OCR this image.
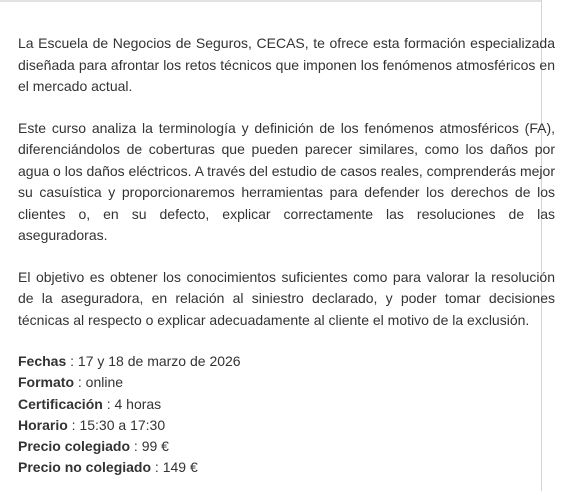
La Escuela de Negocios de Seguros, CECAS, te ofrece esta formación especializada diseñada para afrontar los retos técnicos que imponen los fenómenos atmosféricos en el mercado actual.

Este curso analiza la terminología y definición de los fenómenos atmosféricos (FA), diferenciándolos de coberturas que pueden parecer similares, como los daños por agua o los daños eléctricos. A través del estudio de casos reales, comprenderás mejor su casuística y proporcionaremos herramientas para defender los derechos de los clientes o, en su defecto, explicar correctamente las resoluciones de las aseguradoras.

El objetivo es obtener los conocimientos suficientes como para valorar la resolución de la aseguradora, en relación al siniestro declarado, y poder tomar decisiones técnicas al respecto o explicar adecuadamente al cliente el motivo de la exclusión.

Fechas : 17 y 18 de marzo de 2026
Formato : online
Certificación : 4 horas
Horario : 15:30 a 17:30
Precio colegiado : 99 €
Precio no colegiado : 149 €
